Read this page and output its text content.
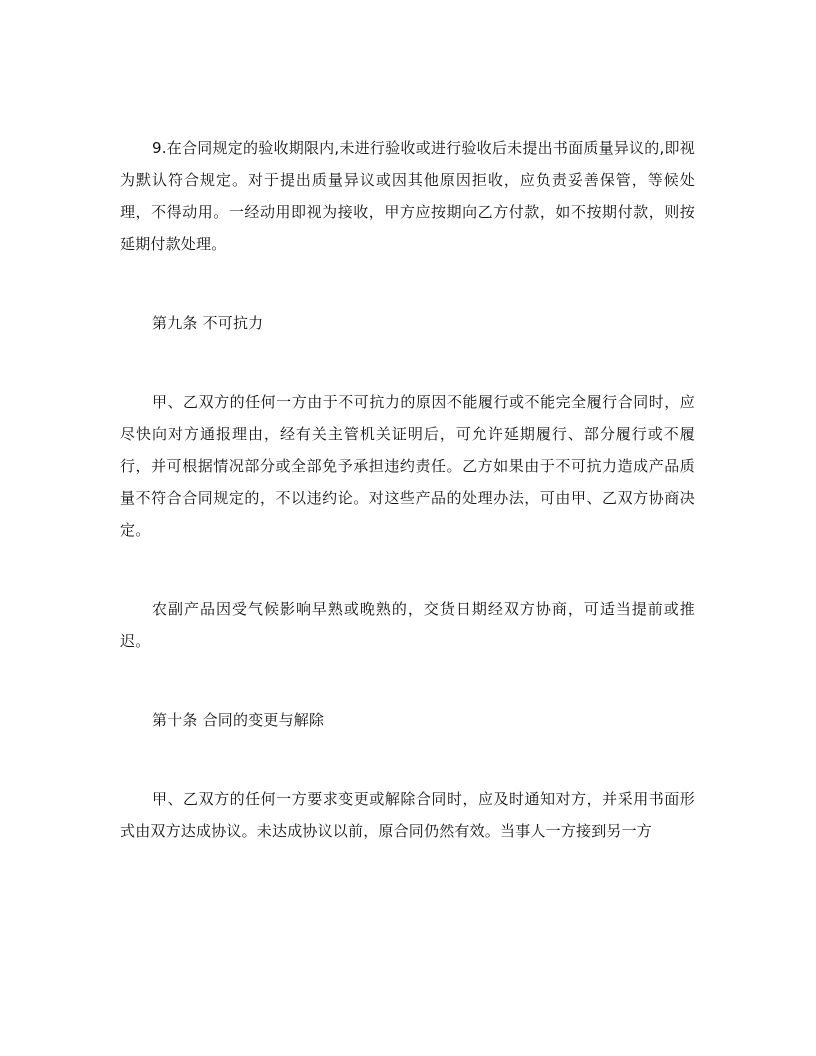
9.在合同规定的验收期限内,未进行验收或进行验收后未提出书面质量异议的,即视为默认符合规定。对于提出质量异议或因其他原因拒收，应负责妥善保管，等候处理，不得动用。一经动用即视为接收，甲方应按期向乙方付款，如不按期付款，则按延期付款处理。

第九条 不可抗力

甲、乙双方的任何一方由于不可抗力的原因不能履行或不能完全履行合同时，应尽快向对方通报理由，经有关主管机关证明后，可允许延期履行、部分履行或不履行，并可根据情况部分或全部免予承担违约责任。乙方如果由于不可抗力造成产品质量不符合合同规定的，不以违约论。对这些产品的处理办法，可由甲、乙双方协商决定。

农副产品因受气候影响早熟或晚熟的，交货日期经双方协商，可适当提前或推迟。

第十条 合同的变更与解除

甲、乙双方的任何一方要求变更或解除合同时，应及时通知对方，并采用书面形式由双方达成协议。未达成协议以前，原合同仍然有效。当事人一方接到另一方
